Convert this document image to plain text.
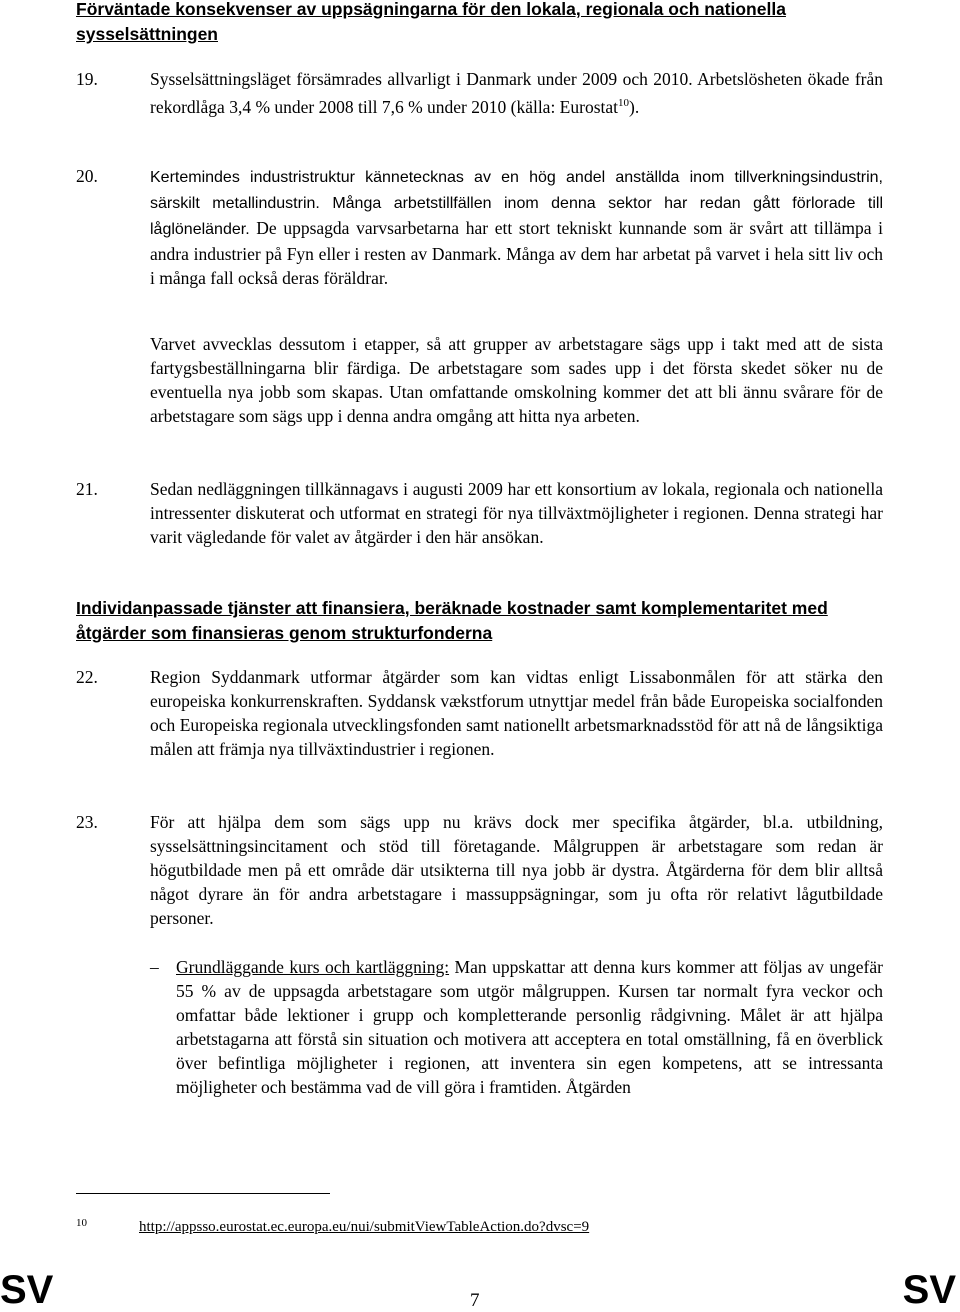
Förväntade konsekvenser av uppsägningarna för den lokala, regionala och nationella sysselsättningen
19.	Sysselsättningsläget försämrades allvarligt i Danmark under 2009 och 2010. Arbetslösheten ökade från rekordlåga 3,4 % under 2008 till 7,6 % under 2010 (källa: Eurostat$^{10}$).
20.	Kertemindes industristruktur kännetecknas av en hög andel anställda inom tillverkningsindustrin, särskilt metallindustrin. Många arbetstillfällen inom denna sektor har redan gått förlorade till låglöneländer. De uppsagda varvsarbetarna har ett stort tekniskt kunnande som är svårt att tillämpa i andra industrier på Fyn eller i resten av Danmark. Många av dem har arbetat på varvet i hela sitt liv och i många fall också deras föräldrar.
Varvet avvecklas dessutom i etapper, så att grupper av arbetstagare sägs upp i takt med att de sista fartygsbeställningarna blir färdiga. De arbetstagare som sades upp i det första skedet söker nu de eventuella nya jobb som skapas. Utan omfattande omskolning kommer det att bli ännu svårare för de arbetstagare som sägs upp i denna andra omgång att hitta nya arbeten.
21.	Sedan nedläggningen tillkännagavs i augusti 2009 har ett konsortium av lokala, regionala och nationella intressenter diskuterat och utformat en strategi för nya tillväxtmöjligheter i regionen. Denna strategi har varit vägledande för valet av åtgärder i den här ansökan.
Individanpassade tjänster att finansiera, beräknade kostnader samt komplementaritet med åtgärder som finansieras genom strukturfonderna
22.	Region Syddanmark utformar åtgärder som kan vidtas enligt Lissabonmålen för att stärka den europeiska konkurrenskraften. Syddansk vækstforum utnyttjar medel från både Europeiska socialfonden och Europeiska regionala utvecklingsfonden samt nationellt arbetsmarknadsstöd för att nå de långsiktiga målen att främja nya tillväxtindustrier i regionen.
23.	För att hjälpa dem som sägs upp nu krävs dock mer specifika åtgärder, bl.a. utbildning, sysselsättningsincitament och stöd till företagande. Målgruppen är arbetstagare som redan är högutbildade men på ett område där utsikterna till nya jobb är dystra. Åtgärderna för dem blir alltså något dyrare än för andra arbetstagare i massuppsägningar, som ju ofta rör relativt lågutbildade personer.
– Grundläggande kurs och kartläggning: Man uppskattar att denna kurs kommer att följas av ungefär 55 % av de uppsagda arbetstagare som utgör målgruppen. Kursen tar normalt fyra veckor och omfattar både lektioner i grupp och kompletterande personlig rådgivning. Målet är att hjälpa arbetstagarna att förstå sin situation och motivera att acceptera en total omställning, få en överblick över befintliga möjligheter i regionen, att inventera sin egen kompetens, att se intressanta möjligheter och bestämma vad de vill göra i framtiden. Åtgärden
10	http://appsso.eurostat.ec.europa.eu/nui/submitViewTableAction.do?dvsc=9
SV	7	SV
